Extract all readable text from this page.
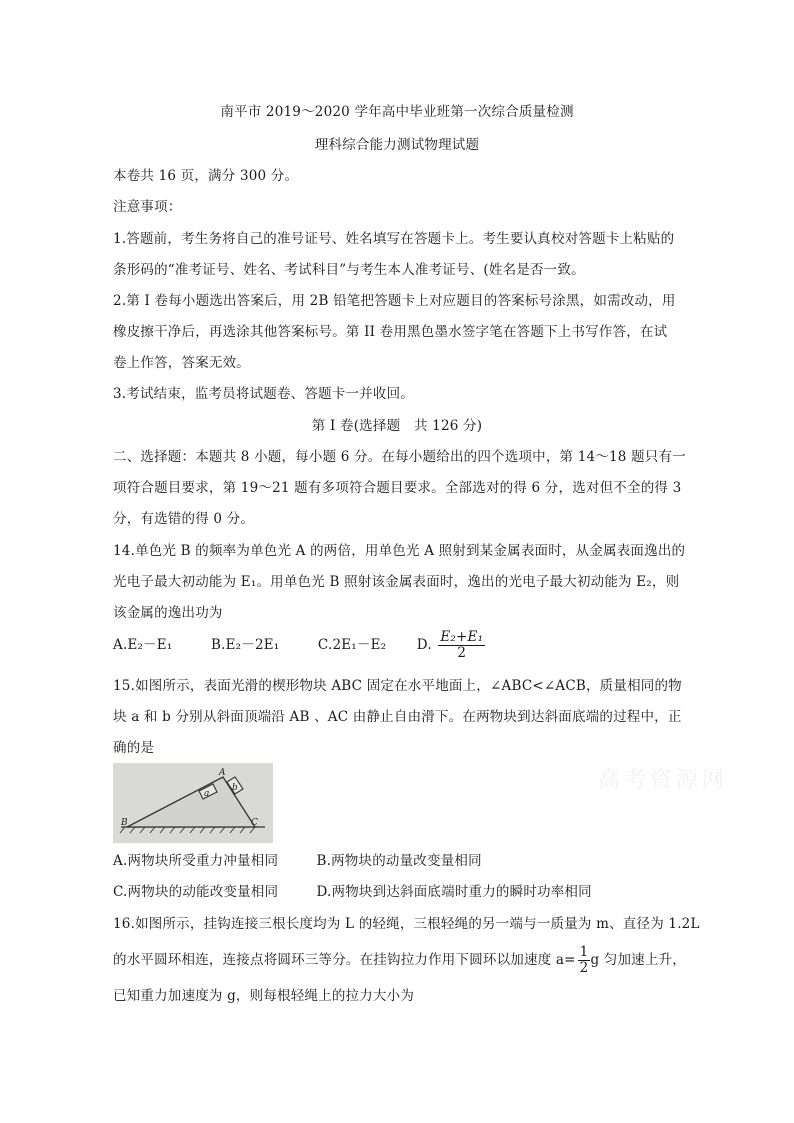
南平市 2019～2020 学年高中毕业班第一次综合质量检测
理科综合能力测试物理试题
本卷共 16 页，满分 300 分。
注意事项：
1.答题前，考生务将自己的准号证号、姓名填写在答题卡上。考生要认真校对答题卡上粘贴的
条形码的“准考证号、姓名、考试科目”与考生本人准考证号、(姓名是否一致。
2.第 I 卷每小题选出答案后，用 2B 铅笔把答题卡上对应题目的答案标号涂黑，如需改动，用
橡皮擦干净后，再选涂其他答案标号。第 II 卷用黑色墨水签字笔在答题下上书写作答，在试
卷上作答，答案无效。
3.考试结束，监考员将试题卷、答题卡一并收回。
第 I 卷(选择题　共 126 分)
二、选择题：本题共 8 小题，每小题 6 分。在每小题给出的四个选项中，第 14～18 题只有一
项符合题目要求，第 19～21 题有多项符合题目要求。全部选对的得 6 分，选对但不全的得 3
分，有选错的得 0 分。
14.单色光 B 的频率为单色光 A 的两倍，用单色光 A 照射到某金属表面时，从金属表面逸出的
光电子最大初动能为 E₁。用单色光 B 照射该金属表面时，逸出的光电子最大初动能为 E₂，则
该金属的逸出功为
A.E₂－E₁	B.E₂－2E₁	C.2E₁－E₂ D. $\frac{\text{E₂+E₁}}{2}$
15.如图所示，表面光滑的楔形物块 ABC 固定在水平地面上，∠ABC<∠ACB，质量相同的物
块 a 和 b 分别从斜面顶端沿 AB 、AC 由静止自由滑下。在两物块到达斜面底端的过程中，正
确的是
a
b
A
B	C
高考资源网
A.两物块所受重力冲量相同	B.两物块的动量改变量相同
C.两物块的动能改变量相同	D.两物块到达斜面底端时重力的瞬时功率相同
16.如图所示，挂钩连接三根长度均为 L 的轻绳，三根轻绳的另一端与一质量为 m、直径为 1.2L
的水平圆环相连，连接点将圆环三等分。在挂钩拉力作用下圆环以加速度 $a= \frac{1}{2}$ g 匀加速上升，
已知重力加速度为 g，则每根轻绳上的拉力大小为
